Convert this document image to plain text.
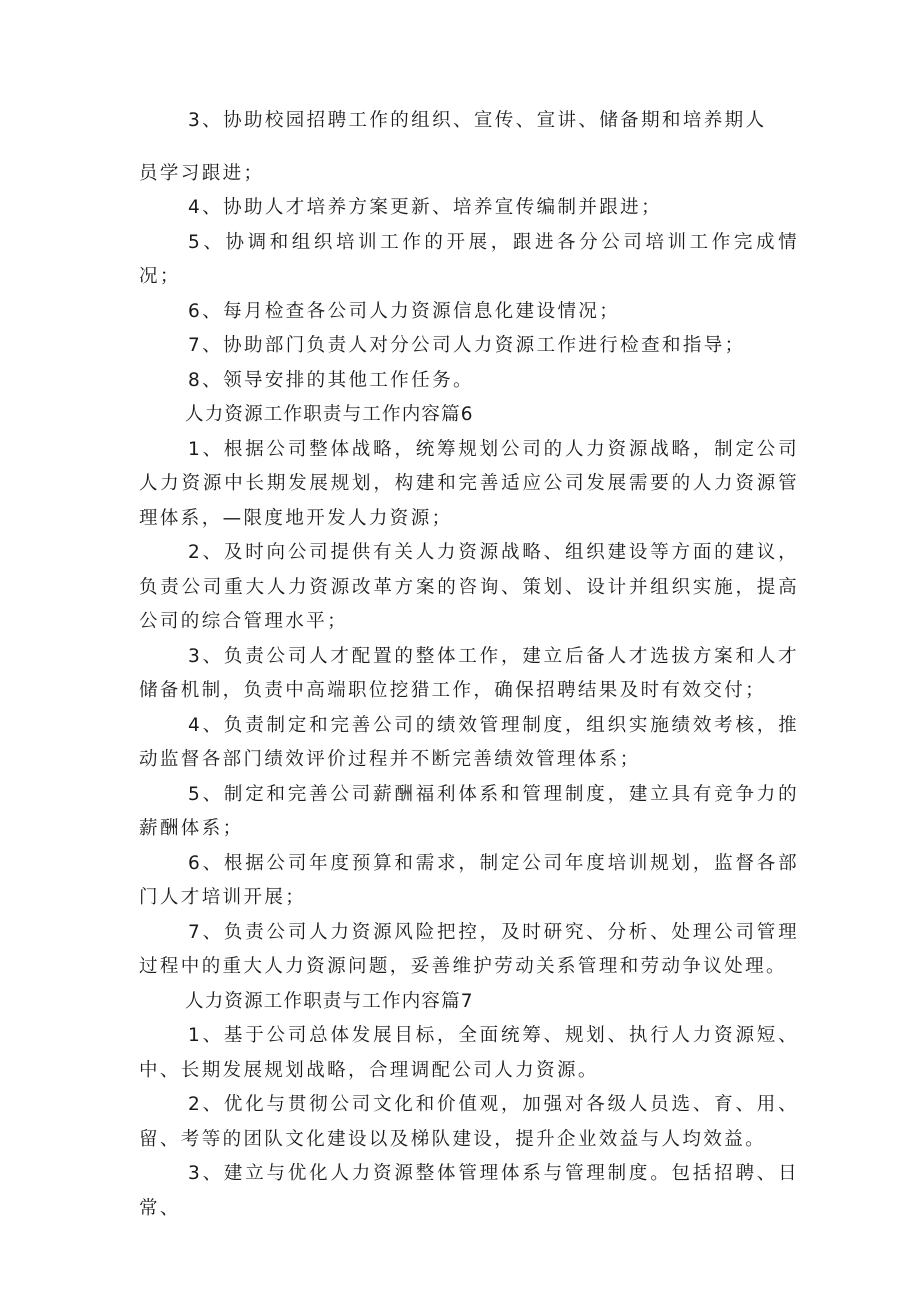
3、协助校园招聘工作的组织、宣传、宣讲、储备期和培养期人

员学习跟进；

4、协助人才培养方案更新、培养宣传编制并跟进；

5、协调和组织培训工作的开展，跟进各分公司培训工作完成情况；

6、每月检查各公司人力资源信息化建设情况；

7、协助部门负责人对分公司人力资源工作进行检查和指导；

8、领导安排的其他工作任务。

人力资源工作职责与工作内容篇6

1、根据公司整体战略，统筹规划公司的人力资源战略，制定公司人力资源中长期发展规划，构建和完善适应公司发展需要的人力资源管理体系，—限度地开发人力资源；

2、及时向公司提供有关人力资源战略、组织建设等方面的建议，负责公司重大人力资源改革方案的咨询、策划、设计并组织实施，提高公司的综合管理水平；

3、负责公司人才配置的整体工作，建立后备人才选拔方案和人才储备机制，负责中高端职位挖猎工作，确保招聘结果及时有效交付；

4、负责制定和完善公司的绩效管理制度，组织实施绩效考核，推动监督各部门绩效评价过程并不断完善绩效管理体系；

5、制定和完善公司薪酬福利体系和管理制度，建立具有竞争力的薪酬体系；

6、根据公司年度预算和需求，制定公司年度培训规划，监督各部门人才培训开展；

7、负责公司人力资源风险把控，及时研究、分析、处理公司管理过程中的重大人力资源问题，妥善维护劳动关系管理和劳动争议处理。

人力资源工作职责与工作内容篇7

1、基于公司总体发展目标，全面统筹、规划、执行人力资源短、中、长期发展规划战略，合理调配公司人力资源。

2、优化与贯彻公司文化和价值观，加强对各级人员选、育、用、留、考等的团队文化建设以及梯队建设，提升企业效益与人均效益。

3、建立与优化人力资源整体管理体系与管理制度。包括招聘、日常、
